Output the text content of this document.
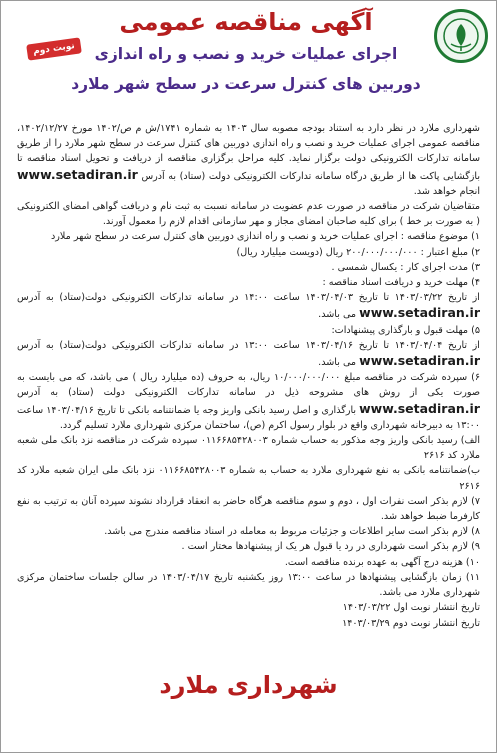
نوبت دوم
آگهی مناقصه عمومی
اجرای عملیات خرید و نصب و راه اندازی
دوربین های کنترل سرعت در سطح شهر ملارد

شهرداری ملارد در نظر دارد به استناد بودجه مصوبه سال ۱۴۰۳ به شماره ۱۷۴۱/ش م ص/۱۴۰۲ مورخ ۱۴۰۲/۱۲/۲۷، مناقصه عمومی اجرای عملیات خرید و نصب و راه اندازی دوربین های کنترل سرعت در سطح شهر ملارد را از طریق سامانه تدارکات الکترونیکی دولت برگزار نماید. کلیه مراحل برگزاری مناقصه از دریافت و تحویل اسناد مناقصه تا بازگشایی پاکت ها از طریق درگاه سامانه تدارکات الکترونیکی دولت (ستاد) به آدرس www.setadiran.ir انجام خواهد شد.

متقاضیان شرکت در مناقصه در صورت عدم عضویت در سامانه نسبت به ثبت نام و دریافت گواهی امضای الکترونیکی ( به صورت بر خط ) برای کلیه صاحبان امضای مجاز و مهر سازمانی اقدام لازم را معمول آورند.

۱) موضوع مناقصه : اجرای عملیات خرید و نصب و راه اندازی دوربین های کنترل سرعت در سطح شهر ملارد

۲) مبلغ اعتبار : ۲۰۰/۰۰۰/۰۰۰/۰۰۰ ریال (دویست میلیارد ریال)

۳) مدت اجرای کار : یکسال شمسی .

۴) مهلت خرید و دریافت اسناد مناقصه :

از تاریخ ۱۴۰۳/۰۳/۲۲ تا تاریخ ۱۴۰۳/۰۴/۰۳ ساعت ۱۴:۰۰ در سامانه تدارکات الکترونیکی دولت(ستاد) به آدرس www.setadiran.ir می باشد.

۵) مهلت قبول و بارگذاری پیشنهادات:

از تاریخ ۱۴۰۳/۰۴/۰۴ تا تاریخ ۱۴۰۳/۰۴/۱۶ ساعت ۱۳:۰۰ در سامانه تدارکات الکترونیکی دولت(ستاد) به آدرس www.setadiran.ir می باشد.

۶) سپرده شرکت در مناقصه مبلغ ۱۰/۰۰۰/۰۰۰/۰۰۰ ریال، به حروف (ده میلیارد ریال ) می باشد، که می بایست به صورت یکی از روش های مشروحه ذیل در سامانه تدارکات الکترونیکی دولت (ستاد) به آدرس www.setadiran.ir بارگذاری و اصل رسید بانکی واریز وجه یا ضمانتنامه بانکی تا تاریخ ۱۴۰۳/۰۴/۱۶ ساعت ۱۳:۰۰ به دبیرخانه شهرداری واقع در بلوار رسول اکرم (ص)، ساختمان مرکزی شهرداری ملارد تسلیم گردد.

الف) رسید بانکی واریز وجه مذکور به حساب شماره ۰۱۱۶۶۸۵۴۲۸۰۰۳ سپرده شرکت در مناقصه نزد بانک ملی شعبه ملارد کد ۲۶۱۶

ب)ضمانتنامه بانکی به نفع شهرداری ملارد به حساب به شماره ۰۱۱۶۶۸۵۴۲۸۰۰۳ نزد بانک ملی ایران شعبه ملارد کد ۲۶۱۶

۷) لازم بذکر است نفرات اول ، دوم و سوم مناقصه هرگاه حاضر به انعقاد قرارداد نشوند سپرده آنان به ترتیب به نفع کارفرما ضبط خواهد شد.

۸) لازم بذکر است سایر اطلاعات و جزئیات مربوط به معامله در اسناد مناقصه مندرج می باشد.

۹) لازم بذکر است شهرداری در رد یا قبول هر یک از پیشنهادها مختار است .

۱۰) هزینه درج آگهی به عهده برنده مناقصه است.

۱۱) زمان بازگشایی پیشنهادها در ساعت ۱۳:۰۰ روز یکشنبه تاریخ ۱۴۰۳/۰۴/۱۷ در سالن جلسات ساختمان مرکزی شهرداری ملارد می باشد.

تاریخ انتشار نوبت اول ۱۴۰۳/۰۳/۲۲

تاریخ انتشار نوبت دوم ۱۴۰۳/۰۳/۲۹

شهرداری ملارد
